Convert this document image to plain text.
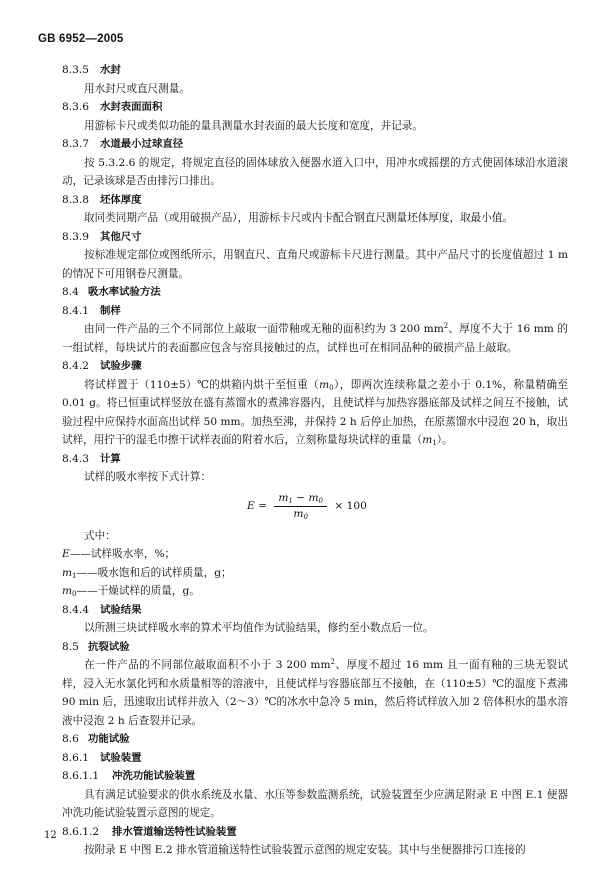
GB 6952—2005
8.3.5 水封
用水封尺或直尺测量。
8.3.6 水封表面面积
用游标卡尺或类似功能的量具测量水封表面的最大长度和宽度，并记录。
8.3.7 水道最小过球直径
按 5.3.2.6 的规定，将规定直径的固体球放入便器水道入口中，用冲水或摇摆的方式使固体球沿水道滚动，记录该球是否由排污口排出。
8.3.8 坯体厚度
取同类同期产品（或用破损产品），用游标卡尺或内卡配合钢直尺测量坯体厚度，取最小值。
8.3.9 其他尺寸
按标准规定部位或图纸所示，用钢直尺、直角尺或游标卡尺进行测量。其中产品尺寸的长度值超过 1 m 的情况下可用钢卷尺测量。
8.4 吸水率试验方法
8.4.1 制样
由同一件产品的三个不同部位上敲取一面带釉或无釉的面积约为 3 200 $mm^2$、厚度不大于 16 mm 的一组试样，每块试片的表面都应包含与窑具接触过的点，试样也可在相同品种的破损产品上敲取。
8.4.2 试验步骤
将试样置于（110±5）℃的烘箱内烘干至恒重$(m_0)$，即两次连续称量之差小于 0.1%，称量精确至 0.01 g。将已恒重试样竖放在盛有蒸馏水的煮沸容器内，且使试样与加热容器底部及试样之间互不接触，试验过程中应保持水面高出试样 50 mm。加热至沸，并保持 2 h 后停止加热，在原蒸馏水中浸泡 20 h，取出试样，用拧干的湿毛巾擦干试样表面的附着水后，立刻称量每块试样的重量$(m_1)$。
8.4.3 计算
试样的吸水率按下式计算：
$E = \frac{m_1 - m_0}{m_0} \times 100$
式中：
E——试样吸水率，%；
$m_1——$吸水饱和后的试样质量，g；
$m_0——$干燥试样的质量，g。
8.4.4 试验结果
以所测三块试样吸水率的算术平均值作为试验结果，修约至小数点后一位。
8.5 抗裂试验
在一件产品的不同部位敲取面积不小于 3 200 $mm^2$、厚度不超过 16 mm 且一面有釉的三块无裂试样，浸入无水氯化钙和水质量相等的溶液中，且使试样与容器底部互不接触，在（110±5）℃的温度下煮沸 90 min 后，迅速取出试样并放入（2～3）℃的冰水中急冷 5 min，然后将试样放入加 2 倍体积水的墨水溶液中浸泡 2 h 后查裂并记录。
8.6 功能试验
8.6.1 试验装置
8.6.1.1 冲洗功能试验装置
具有满足试验要求的供水系统及水量、水压等参数监测系统，试验装置至少应满足附录 E 中图 E.1 便器冲洗功能试验装置示意图的规定。
8.6.1.2 排水管道输送特性试验装置
按附录 E 中图 E.2 排水管道输送特性试验装置示意图的规定安装。其中与坐便器排污口连接的
12
